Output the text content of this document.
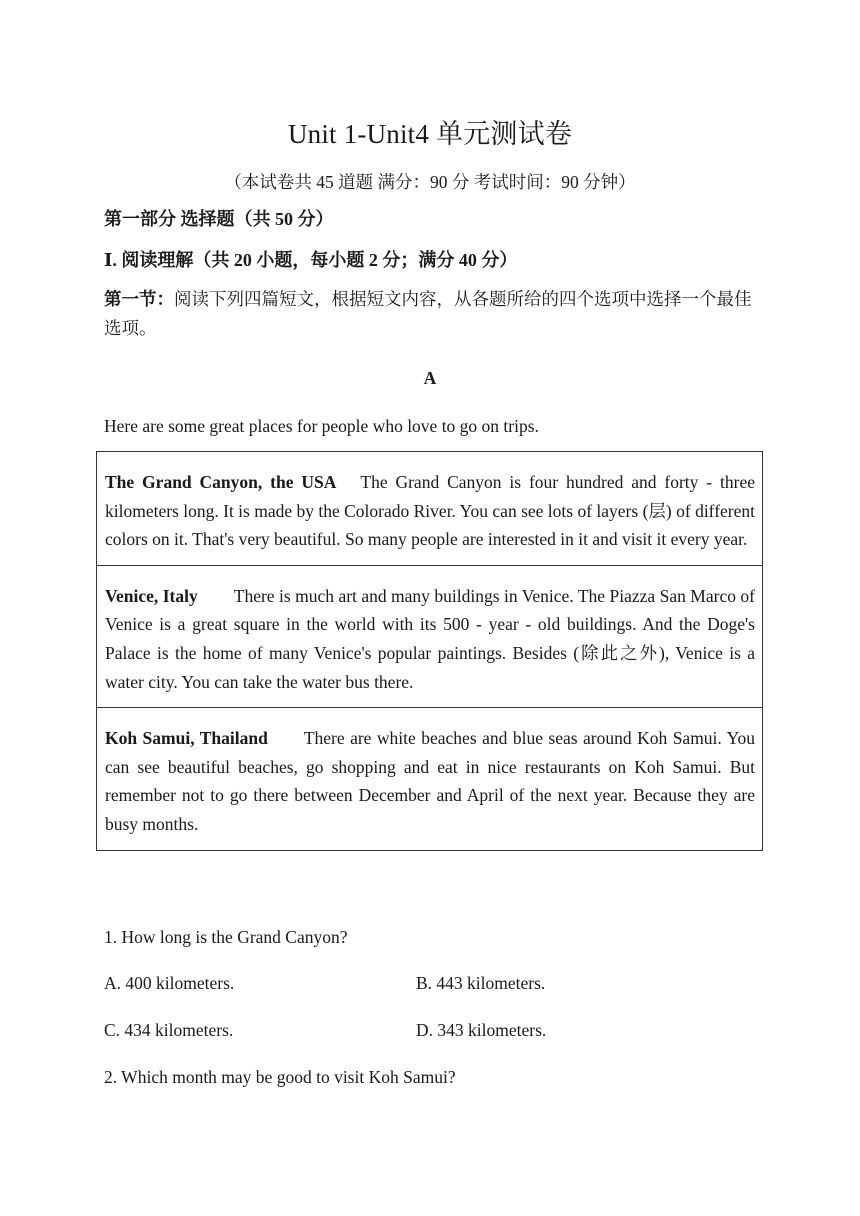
Unit 1-Unit4 单元测试卷
（本试卷共 45 道题 满分：90 分 考试时间：90 分钟）
第一部分 选择题（共 50 分）
Ⅰ. 阅读理解（共 20 小题，每小题 2 分；满分 40 分）
第一节：阅读下列四篇短文，根据短文内容，从各题所给的四个选项中选择一个最佳选项。
A
Here are some great places for people who love to go on trips.
The Grand Canyon, the USA The Grand Canyon is four hundred and forty - three kilometers long. It is made by the Colorado River. You can see lots of layers (层) of different colors on it. That's very beautiful. So many people are interested in it and visit it every year.
Venice, Italy There is much art and many buildings in Venice. The Piazza San Marco of Venice is a great square in the world with its 500 - year - old buildings. And the Doge's Palace is the home of many Venice's popular paintings. Besides (除此之外), Venice is a water city. You can take the water bus there.
Koh Samui, Thailand There are white beaches and blue seas around Koh Samui. You can see beautiful beaches, go shopping and eat in nice restaurants on Koh Samui. But remember not to go there between December and April of the next year. Because they are busy months.
1. How long is the Grand Canyon?
A. 400 kilometers.	B. 443 kilometers.
C. 434 kilometers.	D. 343 kilometers.
2. Which month may be good to visit Koh Samui?
